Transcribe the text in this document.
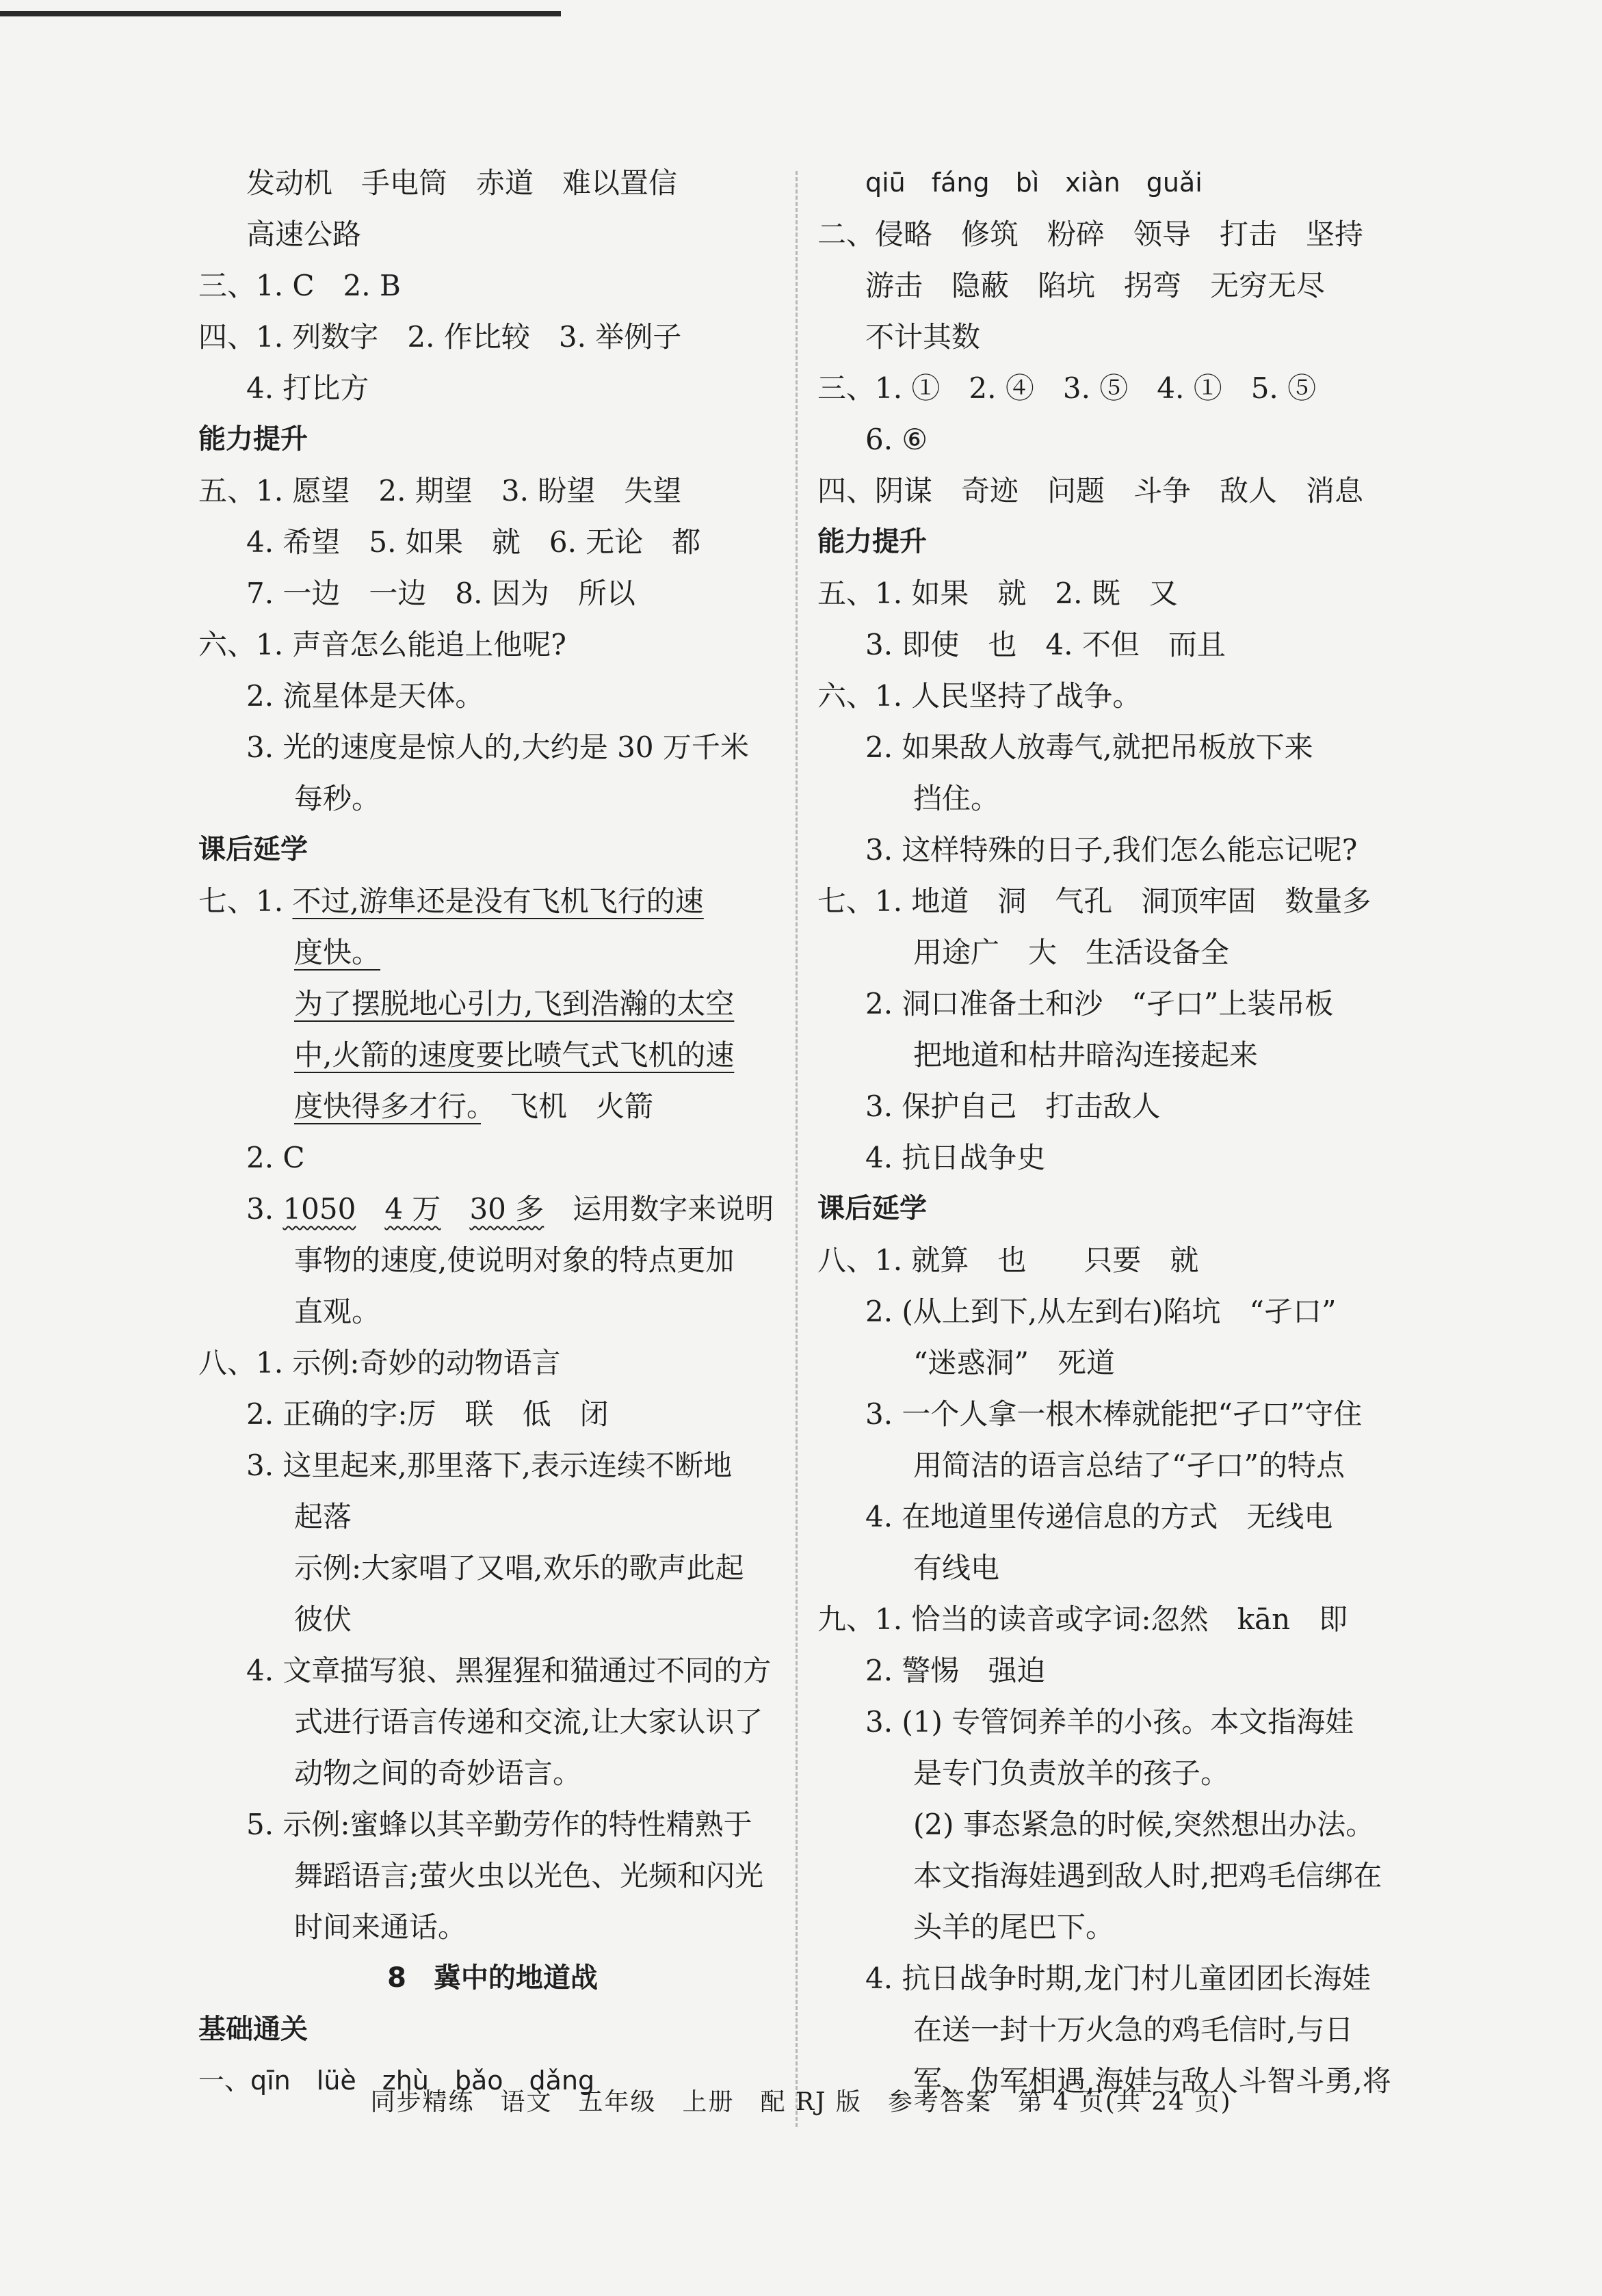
发动机　手电筒　赤道　难以置信
高速公路
三、1. C　2. B
四、1. 列数字　2. 作比较　3. 举例子
4. 打比方
能力提升
五、1. 愿望　2. 期望　3. 盼望　失望
4. 希望　5. 如果　就　6. 无论　都
7. 一边　一边　8. 因为　所以
六、1. 声音怎么能追上他呢?
2. 流星体是天体。
3. 光的速度是惊人的,大约是 30 万千米
每秒。
课后延学
七、1. 不过,游隼还是没有飞机飞行的速
度快。
为了摆脱地心引力,飞到浩瀚的太空
中,火箭的速度要比喷气式飞机的速
度快得多才行。　飞机　火箭
2. C
3. 1050　 4 万　 30 多　 运用数字来说明
事物的速度,使说明对象的特点更加
直观。
八、1. 示例:奇妙的动物语言
2. 正确的字:厉　联　低　闭
3. 这里起来,那里落下,表示连续不断地
起落
示例:大家唱了又唱,欢乐的歌声此起
彼伏
4. 文章描写狼、黑猩猩和猫通过不同的方
式进行语言传递和交流,让大家认识了
动物之间的奇妙语言。
5. 示例:蜜蜂以其辛勤劳作的特性精熟于
舞蹈语言;萤火虫以光色、光频和闪光
时间来通话。
8　冀中的地道战
基础通关
一、qīn　lüè　zhù　bǎo　dǎng
qiū　fáng　bì　xiàn　guǎi
二、侵略　修筑　粉碎　领导　打击　坚持
游击　隐蔽　陷坑　拐弯　无穷无尽
不计其数
三、1. ①　2. ④　3. ⑤　4. ①　5. ⑤
6. ⑥
四、阴谋　奇迹　问题　斗争　敌人　消息
能力提升
五、1. 如果　就　2. 既　又
3. 即使　也　4. 不但　而且
六、1. 人民坚持了战争。
2. 如果敌人放毒气,就把吊板放下来
挡住。
3. 这样特殊的日子,我们怎么能忘记呢?
七、1. 地道　洞　气孔　洞顶牢固　数量多
用途广　大　生活设备全
2. 洞口准备土和沙　“孑口”上装吊板
把地道和枯井暗沟连接起来
3. 保护自己　打击敌人
4. 抗日战争史
课后延学
八、1. 就算　也　　只要　就
2. (从上到下,从左到右)陷坑　“孑口”
“迷惑洞”　死道
3. 一个人拿一根木棒就能把“孑口”守住
用简洁的语言总结了“孑口”的特点
4. 在地道里传递信息的方式　无线电
有线电
九、1. 恰当的读音或字词:忽然　kān　即
2. 警惕　强迫
3. (1) 专管饲养羊的小孩。本文指海娃
是专门负责放羊的孩子。
(2) 事态紧急的时候,突然想出办法。
本文指海娃遇到敌人时,把鸡毛信绑在
头羊的尾巴下。
4. 抗日战争时期,龙门村儿童团团长海娃
在送一封十万火急的鸡毛信时,与日
军、伪军相遇,海娃与敌人斗智斗勇,将
同步精练　语文　五年级　上册　配 RJ 版　参考答案　第 4 页(共 24 页)
